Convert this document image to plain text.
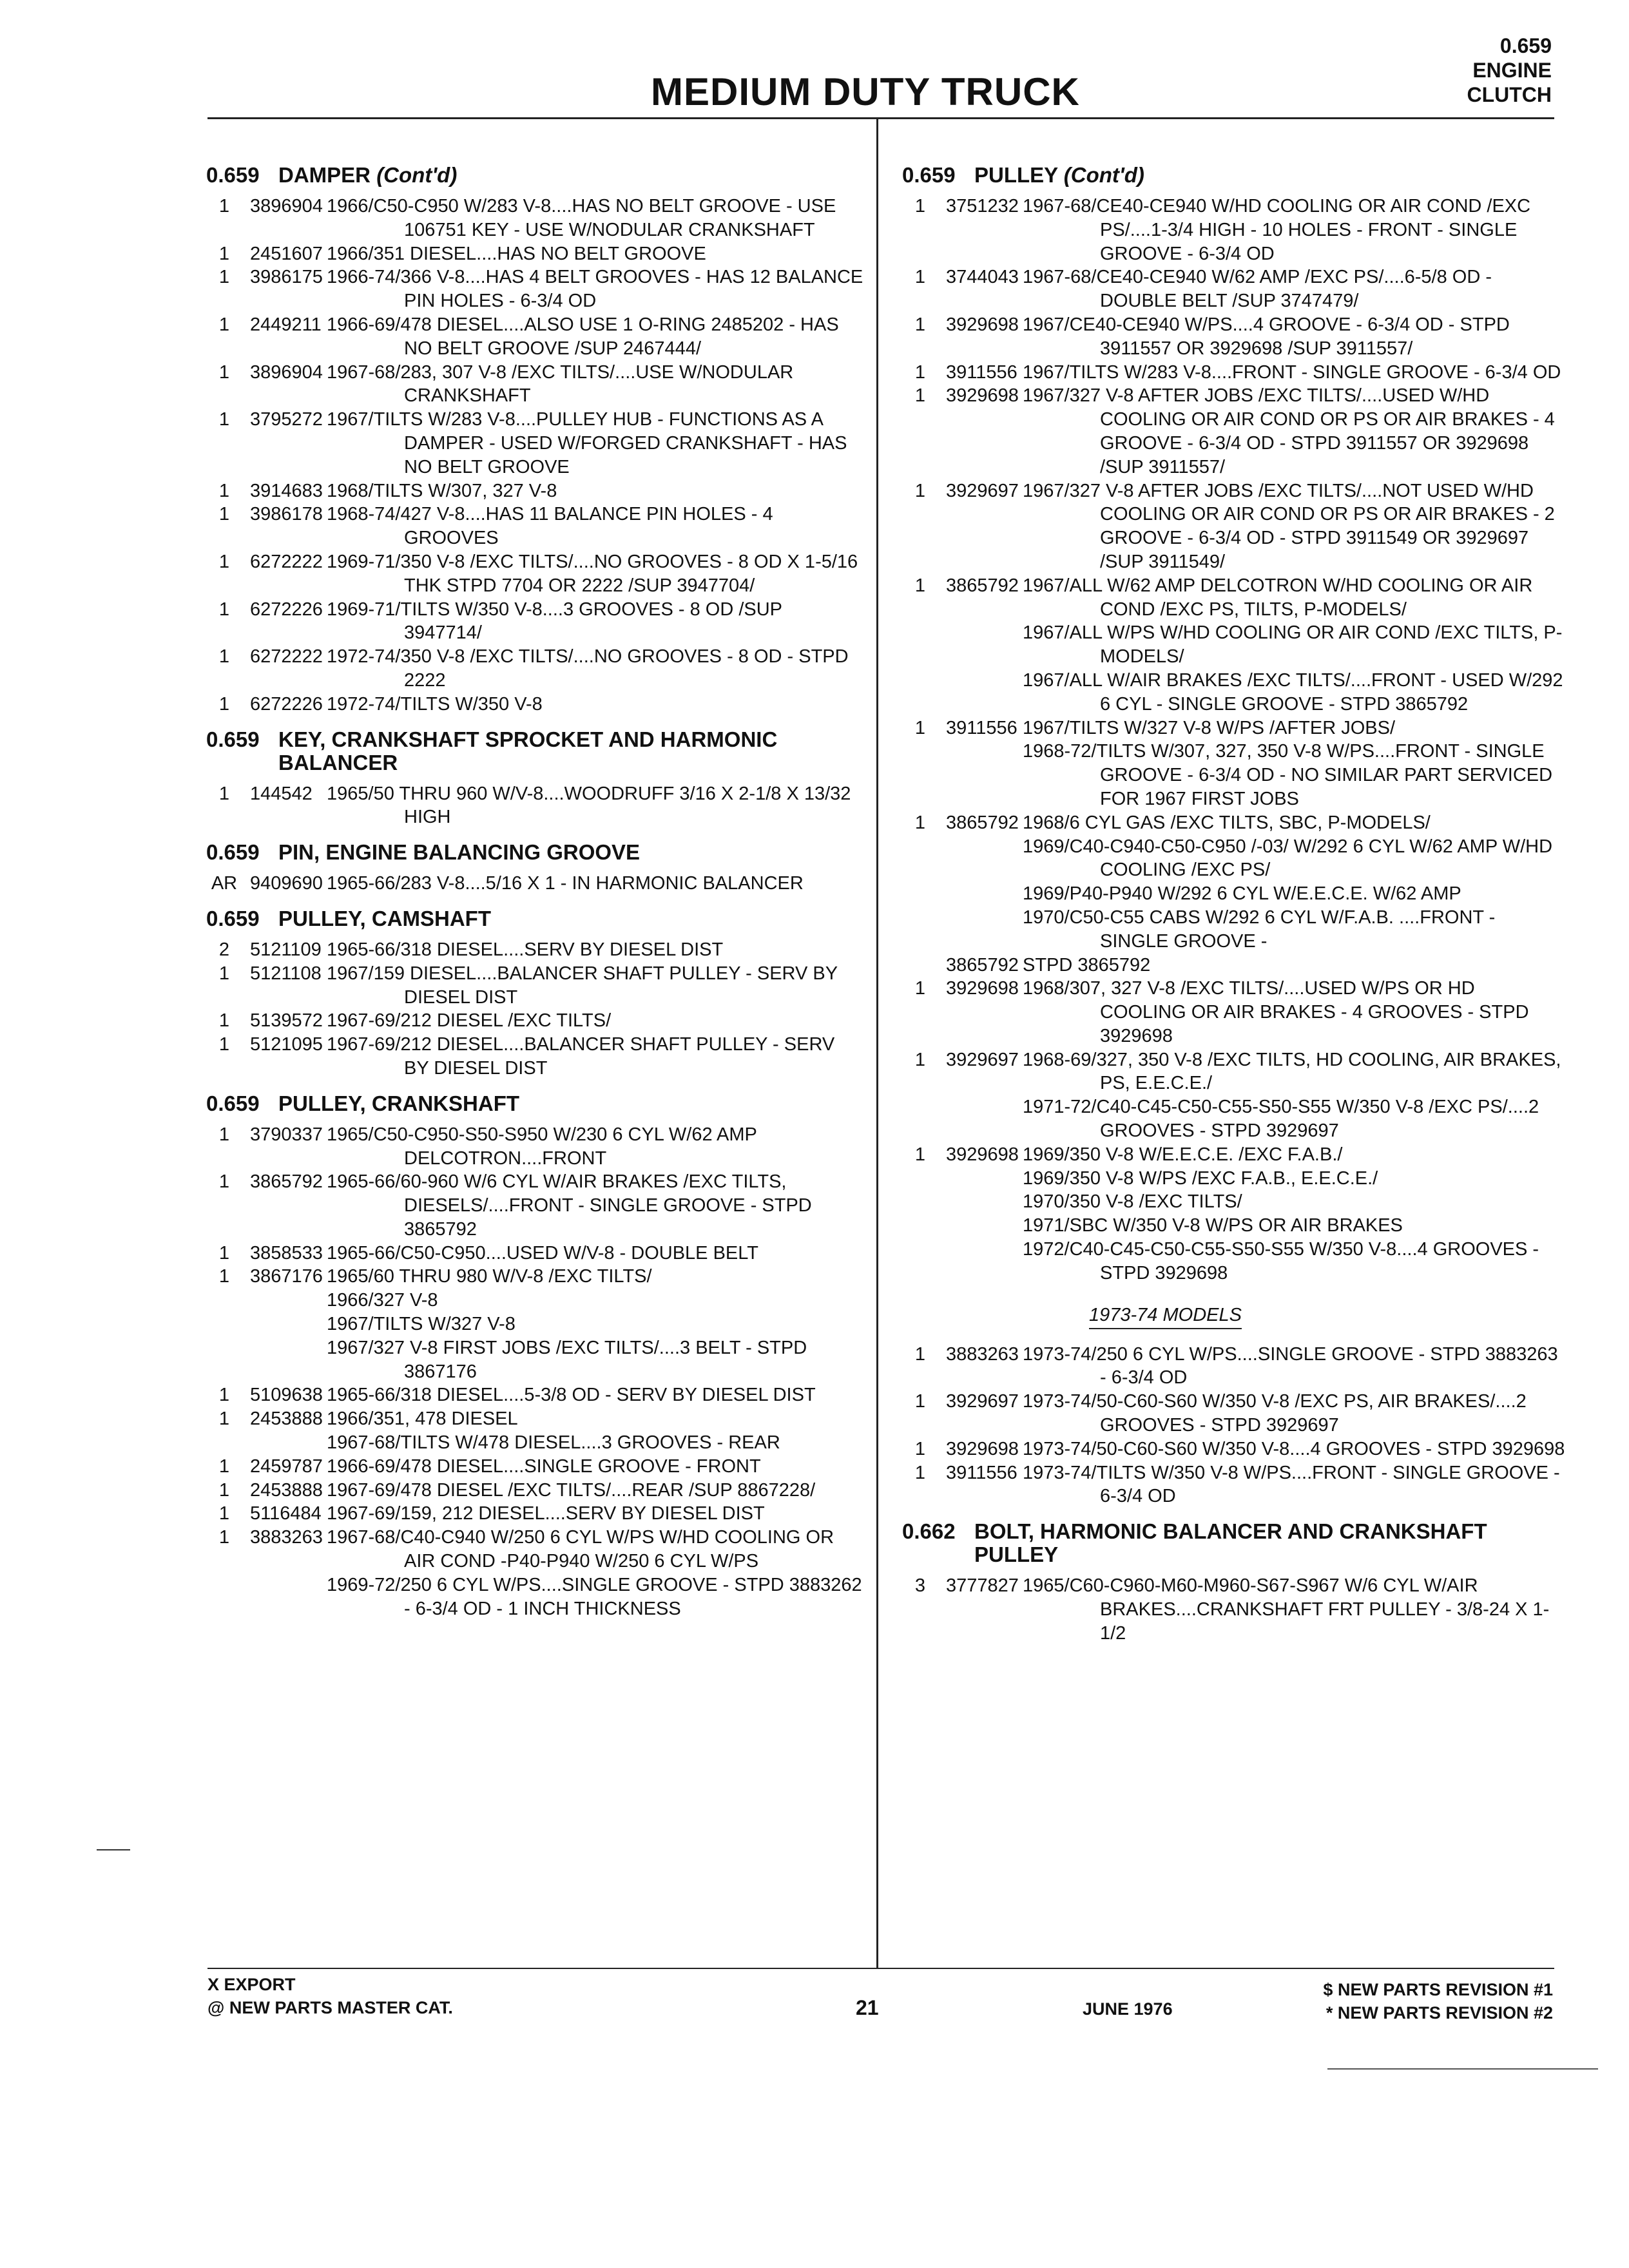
MEDIUM DUTY TRUCK
0.659
ENGINE
CLUTCH
0.659 DAMPER (Cont'd)
1	3896904 1966/C50-C950 W/283 V-8....HAS NO BELT GROOVE - USE 106751 KEY - USE W/NODULAR CRANKSHAFT
1	2451607 1966/351 DIESEL....HAS NO BELT GROOVE
1	3986175 1966-74/366 V-8....HAS 4 BELT GROOVES - HAS 12 BALANCE PIN HOLES - 6-3/4 OD
1	2449211 1966-69/478 DIESEL....ALSO USE 1 O-RING 2485202 - HAS NO BELT GROOVE /SUP 2467444/
1	3896904 1967-68/283, 307 V-8 /EXC TILTS/....USE W/NODULAR CRANKSHAFT
1	3795272 1967/TILTS W/283 V-8....PULLEY HUB - FUNCTIONS AS A DAMPER - USED W/FORGED CRANKSHAFT - HAS NO BELT GROOVE
1	3914683 1968/TILTS W/307, 327 V-8
1	3986178 1968-74/427 V-8....HAS 11 BALANCE PIN HOLES - 4 GROOVES
1	6272222 1969-71/350 V-8 /EXC TILTS/....NO GROOVES - 8 OD X 1-5/16 THK STPD 7704 OR 2222 /SUP 3947704/
1	6272226 1969-71/TILTS W/350 V-8....3 GROOVES - 8 OD /SUP 3947714/
1	6272222 1972-74/350 V-8 /EXC TILTS/....NO GROOVES - 8 OD - STPD 2222
1	6272226 1972-74/TILTS W/350 V-8
0.659 KEY, CRANKSHAFT SPROCKET AND HARMONIC BALANCER
1	144542 1965/50 THRU 960 W/V-8....WOODRUFF 3/16 X 2-1/8 X 13/32 HIGH
0.659 PIN, ENGINE BALANCING GROOVE
AR 9409690 1965-66/283 V-8....5/16 X 1 - IN HARMONIC BALANCER
0.659 PULLEY, CAMSHAFT
2	5121109 1965-66/318 DIESEL....SERV BY DIESEL DIST
1	5121108 1967/159 DIESEL....BALANCER SHAFT PULLEY - SERV BY DIESEL DIST
1	5139572 1967-69/212 DIESEL /EXC TILTS/
1	5121095 1967-69/212 DIESEL....BALANCER SHAFT PULLEY - SERV BY DIESEL DIST
0.659 PULLEY, CRANKSHAFT
1	3790337 1965/C50-C950-S50-S950 W/230 6 CYL W/62 AMP DELCOTRON....FRONT
1	3865792 1965-66/60-960 W/6 CYL W/AIR BRAKES /EXC TILTS, DIESELS/....FRONT - SINGLE GROOVE - STPD 3865792
1	3858533 1965-66/C50-C950....USED W/V-8 - DOUBLE BELT
1	3867176 1965/60 THRU 980 W/V-8 /EXC TILTS/
1966/327 V-8
1967/TILTS W/327 V-8
1967/327 V-8 FIRST JOBS /EXC TILTS/....3 BELT - STPD 3867176
1	5109638 1965-66/318 DIESEL....5-3/8 OD - SERV BY DIESEL DIST
1	2453888 1966/351, 478 DIESEL
1967-68/TILTS W/478 DIESEL....3 GROOVES - REAR
1	2459787 1966-69/478 DIESEL....SINGLE GROOVE - FRONT
1	2453888 1967-69/478 DIESEL /EXC TILTS/....REAR /SUP 8867228/
1	5116484 1967-69/159, 212 DIESEL....SERV BY DIESEL DIST
1	3883263 1967-68/C40-C940 W/250 6 CYL W/PS W/HD COOLING OR AIR COND -P40-P940 W/250 6 CYL W/PS
1969-72/250 6 CYL W/PS....SINGLE GROOVE - STPD 3883262 - 6-3/4 OD - 1 INCH THICKNESS
0.659 PULLEY (Cont'd)
1	3751232 1967-68/CE40-CE940 W/HD COOLING OR AIR COND /EXC PS/....1-3/4 HIGH - 10 HOLES - FRONT - SINGLE GROOVE - 6-3/4 OD
1	3744043 1967-68/CE40-CE940 W/62 AMP /EXC PS/....6-5/8 OD - DOUBLE BELT /SUP 3747479/
1	3929698 1967/CE40-CE940 W/PS....4 GROOVE - 6-3/4 OD - STPD 3911557 OR 3929698 /SUP 3911557/
1	3911556 1967/TILTS W/283 V-8....FRONT - SINGLE GROOVE - 6-3/4 OD
1	3929698 1967/327 V-8 AFTER JOBS /EXC TILTS/....USED W/HD COOLING OR AIR COND OR PS OR AIR BRAKES - 4 GROOVE - 6-3/4 OD - STPD 3911557 OR 3929698 /SUP 3911557/
1	3929697 1967/327 V-8 AFTER JOBS /EXC TILTS/....NOT USED W/HD COOLING OR AIR COND OR PS OR AIR BRAKES - 2 GROOVE - 6-3/4 OD - STPD 3911549 OR 3929697 /SUP 3911549/
1	3865792 1967/ALL W/62 AMP DELCOTRON W/HD COOLING OR AIR COND /EXC PS, TILTS, P-MODELS/
1967/ALL W/PS W/HD COOLING OR AIR COND /EXC TILTS, P-MODELS/
1967/ALL W/AIR BRAKES /EXC TILTS/....FRONT - USED W/292 6 CYL - SINGLE GROOVE - STPD 3865792
1	3911556 1967/TILTS W/327 V-8 W/PS /AFTER JOBS/
1968-72/TILTS W/307, 327, 350 V-8 W/PS....FRONT - SINGLE GROOVE - 6-3/4 OD - NO SIMILAR PART SERVICED FOR 1967 FIRST JOBS
1	3865792 1968/6 CYL GAS /EXC TILTS, SBC, P-MODELS/
1969/C40-C940-C50-C950 /-03/ W/292 6 CYL W/62 AMP W/HD COOLING /EXC PS/
1969/P40-P940 W/292 6 CYL W/E.E.C.E. W/62 AMP
1970/C50-C55 CABS W/292 6 CYL W/F.A.B. ....FRONT - SINGLE GROOVE -
3865792 STPD 3865792
1	3929698 1968/307, 327 V-8 /EXC TILTS/....USED W/PS OR HD COOLING OR AIR BRAKES - 4 GROOVES - STPD 3929698
1	3929697 1968-69/327, 350 V-8 /EXC TILTS, HD COOLING, AIR BRAKES, PS, E.E.C.E./
1971-72/C40-C45-C50-C55-S50-S55 W/350 V-8 /EXC PS/....2 GROOVES - STPD 3929697
1	3929698 1969/350 V-8 W/E.E.C.E. /EXC F.A.B./
1969/350 V-8 W/PS /EXC F.A.B., E.E.C.E./
1970/350 V-8 /EXC TILTS/
1971/SBC W/350 V-8 W/PS OR AIR BRAKES
1972/C40-C45-C50-C55-S50-S55 W/350 V-8....4 GROOVES - STPD 3929698
1973-74 MODELS
1	3883263 1973-74/250 6 CYL W/PS....SINGLE GROOVE - STPD 3883263 - 6-3/4 OD
1	3929697 1973-74/50-C60-S60 W/350 V-8 /EXC PS, AIR BRAKES/....2 GROOVES - STPD 3929697
1	3929698 1973-74/50-C60-S60 W/350 V-8....4 GROOVES - STPD 3929698
1	3911556 1973-74/TILTS W/350 V-8 W/PS....FRONT - SINGLE GROOVE - 6-3/4 OD
0.662 BOLT, HARMONIC BALANCER AND CRANKSHAFT PULLEY
3	3777827 1965/C60-C960-M60-M960-S67-S967 W/6 CYL W/AIR BRAKES....CRANKSHAFT FRT PULLEY - 3/8-24 X 1-1/2
X EXPORT
@ NEW PARTS MASTER CAT.	21	JUNE 1976
$ NEW PARTS REVISION #1
* NEW PARTS REVISION #2
